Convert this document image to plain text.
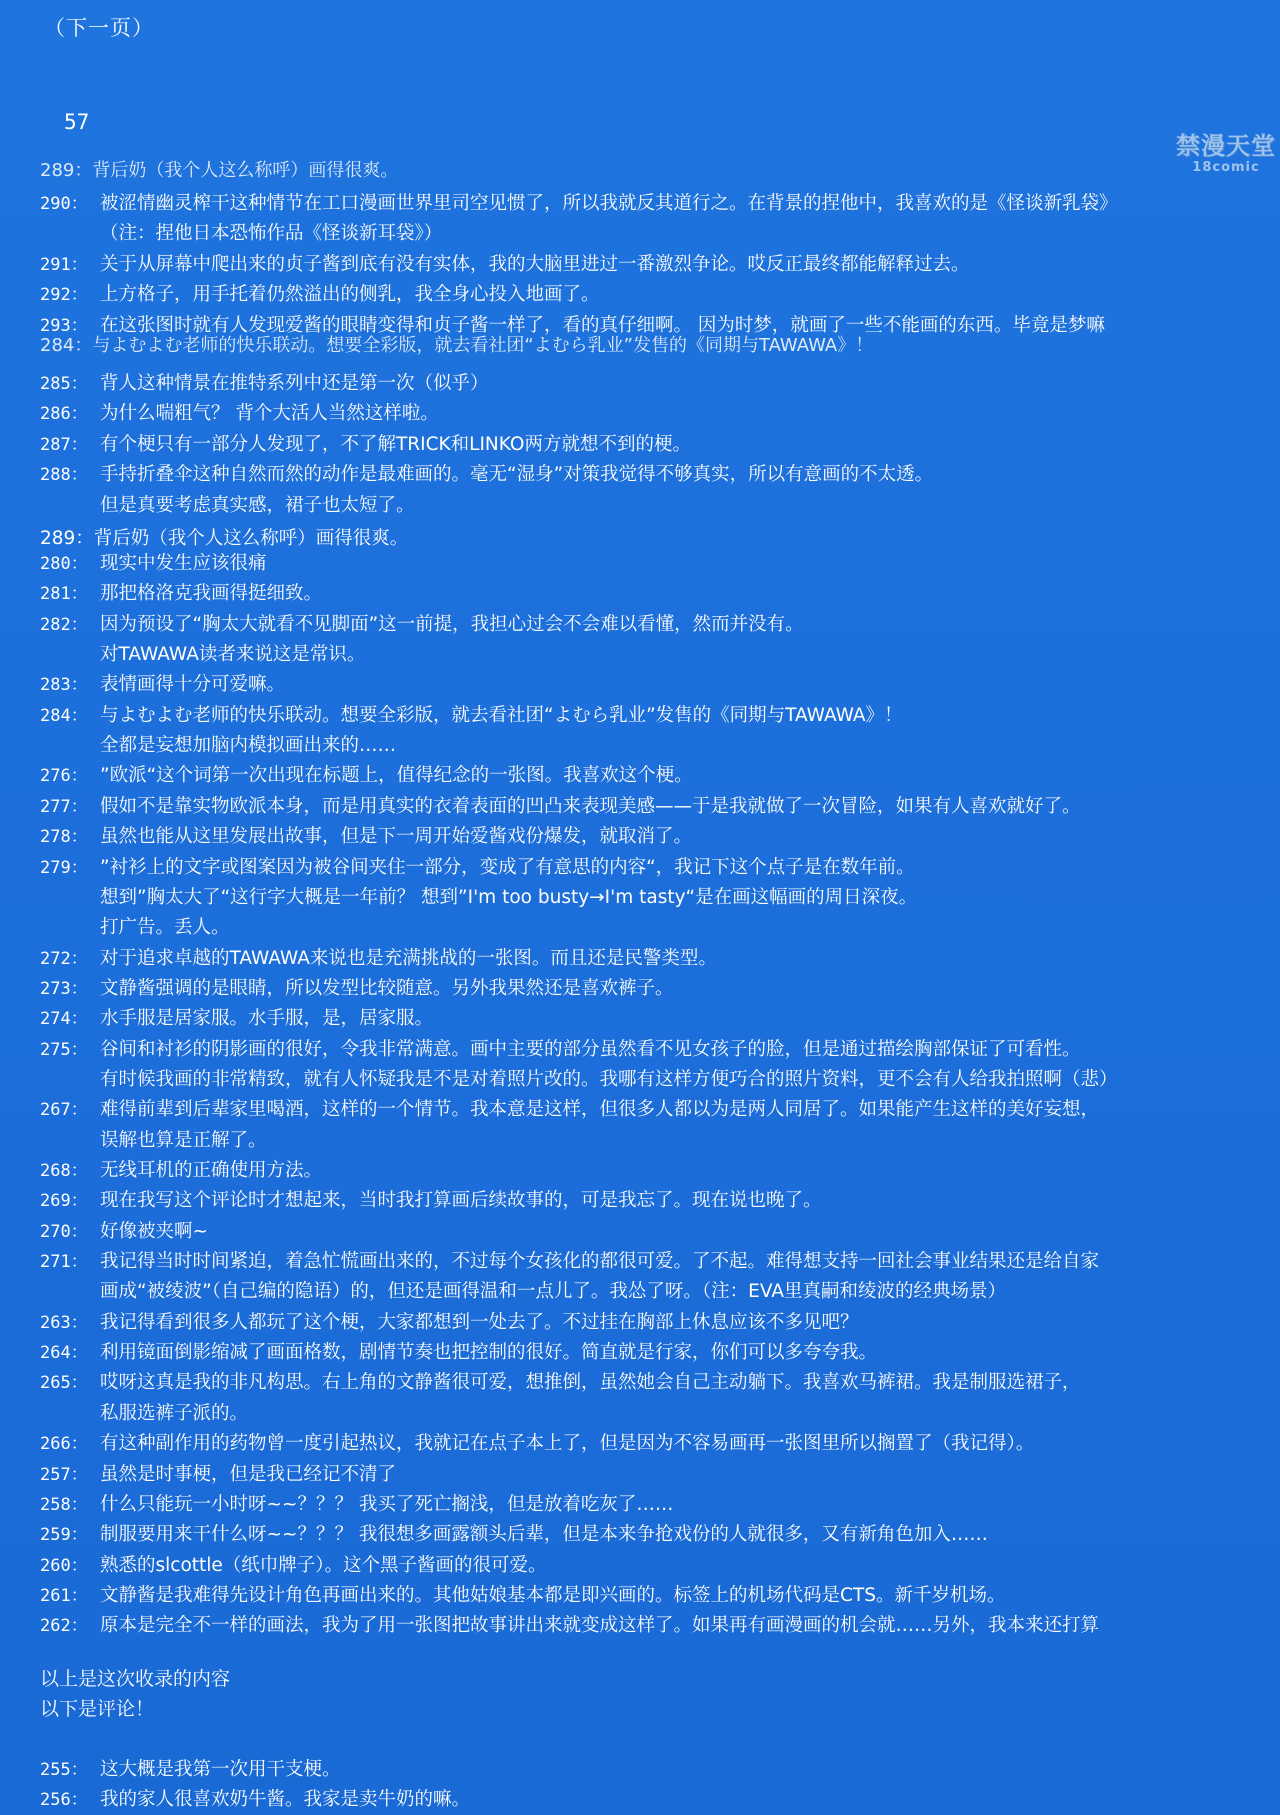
（下一页）
57
禁漫天堂
18comic
289：背后奶（我个人这么称呼）画得很爽。
290： 被涩情幽灵榨干这种情节在工口漫画世界里司空见惯了，所以我就反其道行之。在背景的捏他中，我喜欢的是《怪谈新乳袋》
（注：捏他日本恐怖作品《怪谈新耳袋》）
291： 关于从屏幕中爬出来的贞子酱到底有没有实体，我的大脑里进过一番激烈争论。哎反正最终都能解释过去。
292： 上方格子，用手托着仍然溢出的侧乳，我全身心投入地画了。
293： 在这张图时就有人发现爱酱的眼睛变得和贞子酱一样了，看的真仔细啊。 因为时梦，就画了一些不能画的东西。毕竟是梦嘛
284：与よむよむ老师的快乐联动。想要全彩版，就去看社团“よむら乳业”发售的《同期与TAWAWA》！
285： 背人这种情景在推特系列中还是第一次（似乎）
286： 为什么喘粗气？ 背个大活人当然这样啦。
287： 有个梗只有一部分人发现了，不了解TRICK和LINKO两方就想不到的梗。
288： 手持折叠伞这种自然而然的动作是最难画的。毫无“湿身”对策我觉得不够真实，所以有意画的不太透。
但是真要考虑真实感，裙子也太短了。
289：背后奶（我个人这么称呼）画得很爽。
280： 现实中发生应该很痛
281： 那把格洛克我画得挺细致。
282： 因为预设了“胸太大就看不见脚面”这一前提，我担心过会不会难以看懂，然而并没有。
对TAWAWA读者来说这是常识。
283： 表情画得十分可爱嘛。
284： 与よむよむ老师的快乐联动。想要全彩版，就去看社团“よむら乳业”发售的《同期与TAWAWA》！
全都是妄想加脑内模拟画出来的……
276： ”欧派“这个词第一次出现在标题上，值得纪念的一张图。我喜欢这个梗。
277： 假如不是靠实物欧派本身，而是用真实的衣着表面的凹凸来表现美感——于是我就做了一次冒险，如果有人喜欢就好了。
278： 虽然也能从这里发展出故事，但是下一周开始爱酱戏份爆发，就取消了。
279： ”衬衫上的文字或图案因为被谷间夹住一部分，变成了有意思的内容“，我记下这个点子是在数年前。
想到”胸太大了“这行字大概是一年前？ 想到”I'm too busty→I'm tasty“是在画这幅画的周日深夜。
打广告。丢人。
272： 对于追求卓越的TAWAWA来说也是充满挑战的一张图。而且还是民警类型。
273： 文静酱强调的是眼睛，所以发型比较随意。另外我果然还是喜欢裤子。
274： 水手服是居家服。水手服，是，居家服。
275： 谷间和衬衫的阴影画的很好，令我非常满意。画中主要的部分虽然看不见女孩子的脸，但是通过描绘胸部保证了可看性。
有时候我画的非常精致，就有人怀疑我是不是对着照片改的。我哪有这样方便巧合的照片资料，更不会有人给我拍照啊（悲）
267： 难得前辈到后辈家里喝酒，这样的一个情节。我本意是这样，但很多人都以为是两人同居了。如果能产生这样的美好妄想，
误解也算是正解了。
268： 无线耳机的正确使用方法。
269： 现在我写这个评论时才想起来，当时我打算画后续故事的，可是我忘了。现在说也晚了。
270： 好像被夹啊~
271： 我记得当时时间紧迫，着急忙慌画出来的，不过每个女孩化的都很可爱。了不起。难得想支持一回社会事业结果还是给自家
画成“被绫波”（自己编的隐语）的，但还是画得温和一点儿了。我怂了呀。（注：EVA里真嗣和绫波的经典场景）
263： 我记得看到很多人都玩了这个梗，大家都想到一处去了。不过挂在胸部上休息应该不多见吧？
264： 利用镜面倒影缩减了画面格数，剧情节奏也把控制的很好。简直就是行家，你们可以多夸夸我。
265： 哎呀这真是我的非凡构思。右上角的文静酱很可爱，想推倒，虽然她会自己主动躺下。我喜欢马裤裙。我是制服选裙子，
私服选裤子派的。
266： 有这种副作用的药物曾一度引起热议，我就记在点子本上了，但是因为不容易画再一张图里所以搁置了（我记得）。
257： 虽然是时事梗，但是我已经记不清了
258： 什么只能玩一小时呀~~？？？ 我买了死亡搁浅，但是放着吃灰了……
259： 制服要用来干什么呀~~？？？ 我很想多画露额头后辈，但是本来争抢戏份的人就很多，又有新角色加入……
260： 熟悉的slcottle（纸巾牌子）。这个黑子酱画的很可爱。
261： 文静酱是我难得先设计角色再画出来的。其他姑娘基本都是即兴画的。标签上的机场代码是CTS。新千岁机场。
262： 原本是完全不一样的画法，我为了用一张图把故事讲出来就变成这样了。如果再有画漫画的机会就……另外，我本来还打算
以上是这次收录的内容
以下是评论！
255： 这大概是我第一次用干支梗。
256： 我的家人很喜欢奶牛酱。我家是卖牛奶的嘛。
